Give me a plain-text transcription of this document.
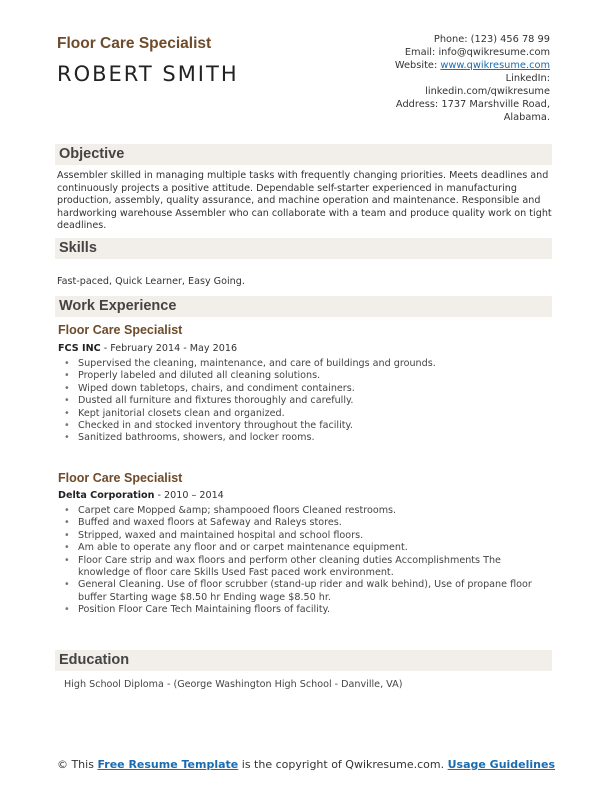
Floor Care Specialist
ROBERT SMITH
Phone: (123) 456 78 99
Email: info@qwikresume.com
Website: www.qwikresume.com
LinkedIn:
linkedin.com/qwikresume
Address: 1737 Marshville Road,
Alabama.
Objective
Assembler skilled in managing multiple tasks with frequently changing priorities. Meets deadlines and continuously projects a positive attitude. Dependable self-starter experienced in manufacturing production, assembly, quality assurance, and machine operation and maintenance. Responsible and hardworking warehouse Assembler who can collaborate with a team and produce quality work on tight deadlines.
Skills
Fast-paced, Quick Learner, Easy Going.
Work Experience
Floor Care Specialist
FCS INC - February 2014 - May 2016
• Supervised the cleaning, maintenance, and care of buildings and grounds.
• Properly labeled and diluted all cleaning solutions.
• Wiped down tabletops, chairs, and condiment containers.
• Dusted all furniture and fixtures thoroughly and carefully.
• Kept janitorial closets clean and organized.
• Checked in and stocked inventory throughout the facility.
• Sanitized bathrooms, showers, and locker rooms.
Floor Care Specialist
Delta Corporation - 2010 – 2014
• Carpet care Mopped &amp; shampooed floors Cleaned restrooms.
• Buffed and waxed floors at Safeway and Raleys stores.
• Stripped, waxed and maintained hospital and school floors.
• Am able to operate any floor and or carpet maintenance equipment.
• Floor Care strip and wax floors and perform other cleaning duties Accomplishments The knowledge of floor care Skills Used Fast paced work environment.
• General Cleaning. Use of floor scrubber (stand-up rider and walk behind), Use of propane floor buffer Starting wage $8.50 hr Ending wage $8.50 hr.
• Position Floor Care Tech Maintaining floors of facility.
Education
High School Diploma - (George Washington High School - Danville, VA)
© This Free Resume Template is the copyright of Qwikresume.com. Usage Guidelines
